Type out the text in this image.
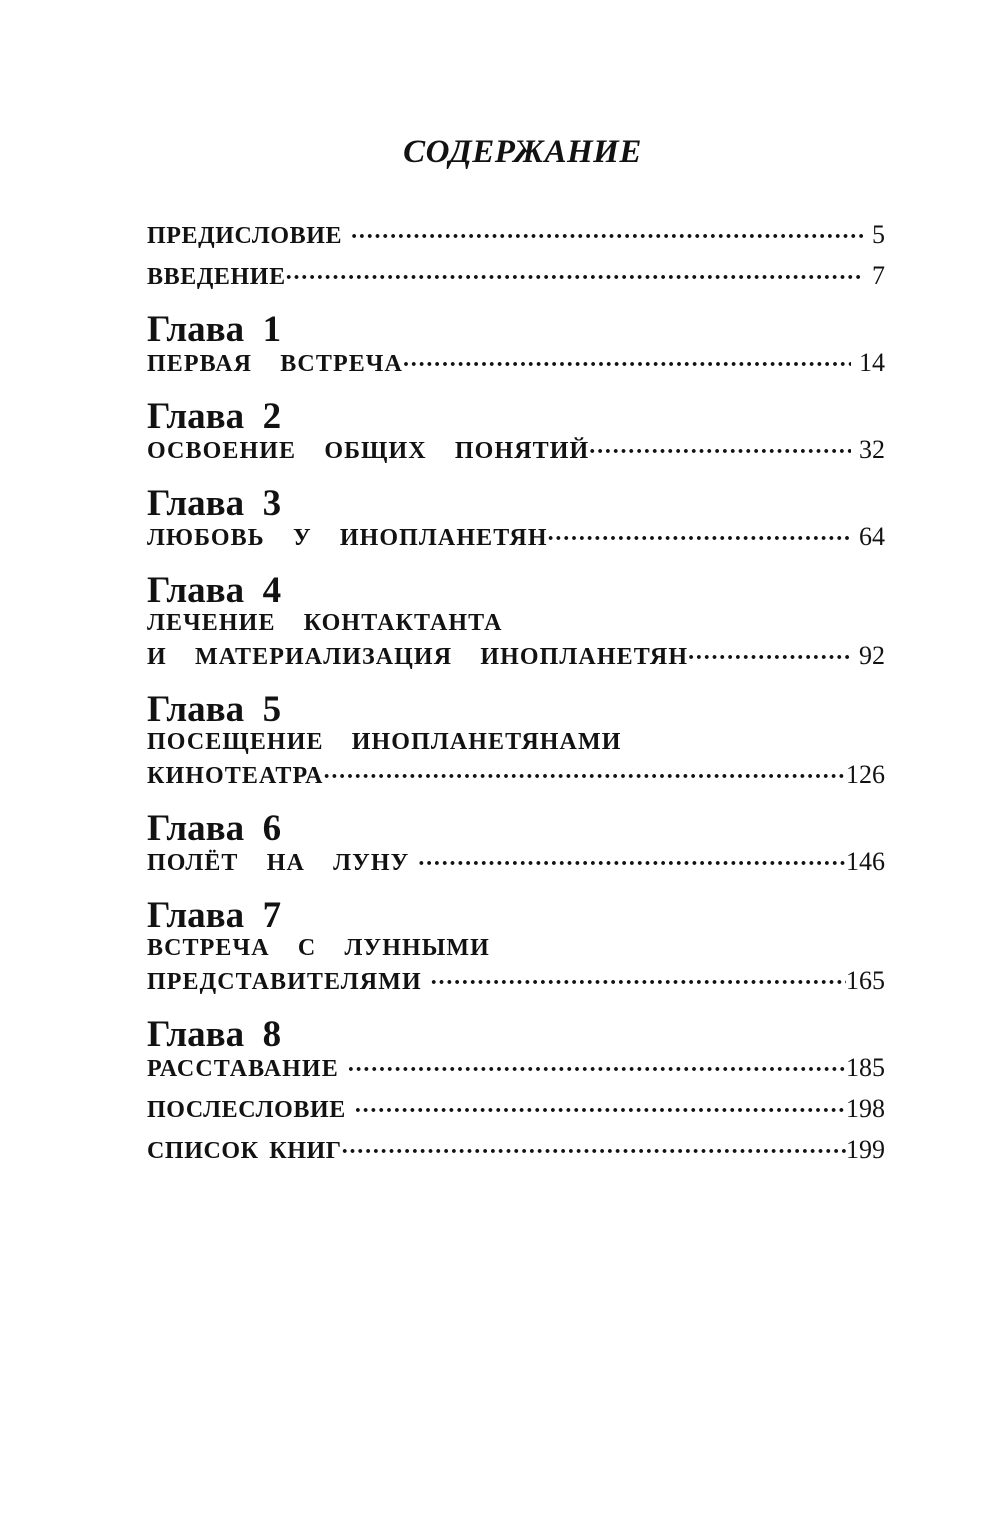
СОДЕРЖАНИЕ
ПРЕДИСЛОВИЕ .....	5
ВВЕДЕНИЕ .....	7
Глава  1
ПЕРВАЯ  ВСТРЕЧА .....	14
Глава  2
ОСВОЕНИЕ  ОБЩИХ  ПОНЯТИЙ .....	32
Глава  3
ЛЮБОВЬ  У  ИНОПЛАНЕТЯН .....	64
Глава  4
ЛЕЧЕНИЕ  КОНТАКТАНТА
И  МАТЕРИАЛИЗАЦИЯ  ИНОПЛАНЕТЯН .....	92
Глава  5
ПОСЕЩЕНИЕ  ИНОПЛАНЕТЯНАМИ
КИНОТЕАТРА .....	126
Глава  6
ПОЛЁТ  НА  ЛУНУ .....	146
Глава  7
ВСТРЕЧА  С  ЛУННЫМИ
ПРЕДСТАВИТЕЛЯМИ .....	165
Глава  8
РАССТАВАНИЕ .....	185
ПОСЛЕСЛОВИЕ .....	198
СПИСОК КНИГ .....	199
